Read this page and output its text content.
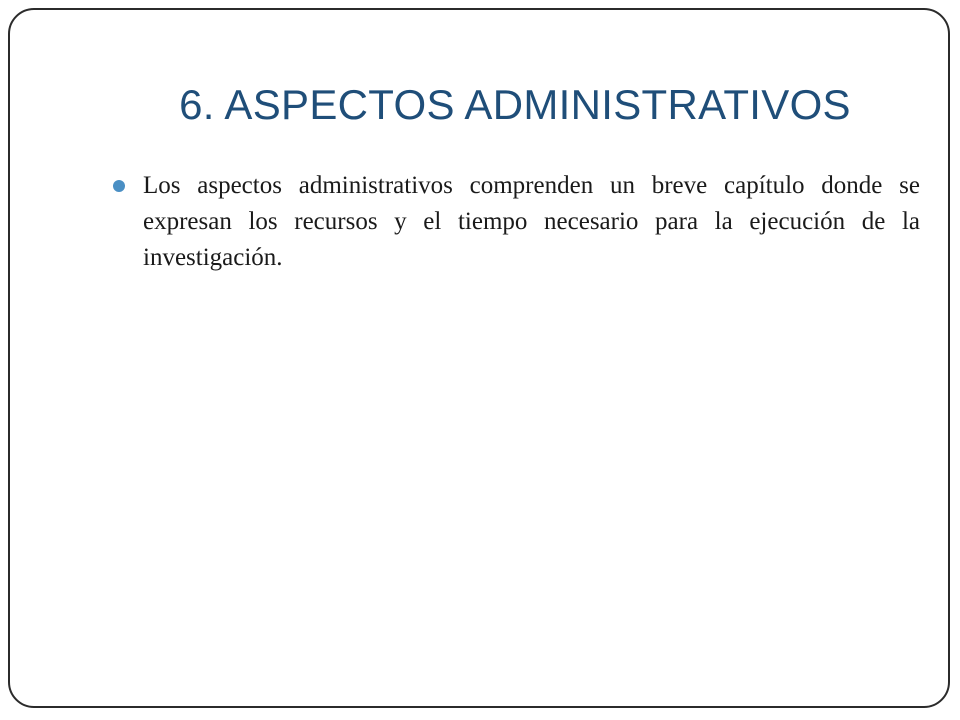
6. ASPECTOS ADMINISTRATIVOS

Los aspectos administrativos comprenden un breve capítulo donde se expresan los recursos y el tiempo necesario para la ejecución de la investigación.
